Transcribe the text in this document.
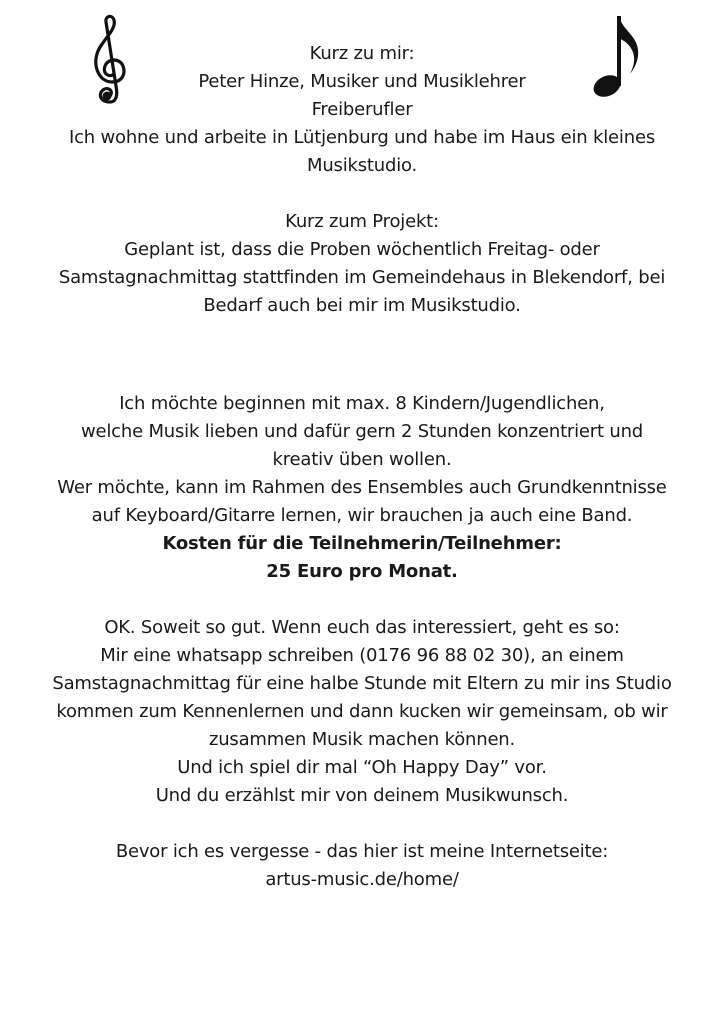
Kurz zu mir:
Peter Hinze, Musiker und Musiklehrer
Freiberufler
Ich wohne und arbeite in Lütjenburg und habe im Haus ein kleines
Musikstudio.
Kurz zum Projekt:
Geplant ist, dass die Proben wöchentlich Freitag- oder
Samstagnachmittag stattfinden im Gemeindehaus in Blekendorf, bei
Bedarf auch bei mir im Musikstudio.
Ich möchte beginnen mit max. 8 Kindern/Jugendlichen,
welche Musik lieben und dafür gern 2 Stunden konzentriert und
kreativ üben wollen.
Wer möchte, kann im Rahmen des Ensembles auch Grundkenntnisse
auf Keyboard/Gitarre lernen, wir brauchen ja auch eine Band.
Kosten für die Teilnehmerin/Teilnehmer:
25 Euro pro Monat.
OK. Soweit so gut. Wenn euch das interessiert, geht es so:
Mir eine whatsapp schreiben (0176 96 88 02 30), an einem
Samstagnachmittag für eine halbe Stunde mit Eltern zu mir ins Studio
kommen zum Kennenlernen und dann kucken wir gemeinsam, ob wir
zusammen Musik machen können.
Und ich spiel dir mal “Oh Happy Day” vor.
Und du erzählst mir von deinem Musikwunsch.
Bevor ich es vergesse - das hier ist meine Internetseite:
artus-music.de/home/
